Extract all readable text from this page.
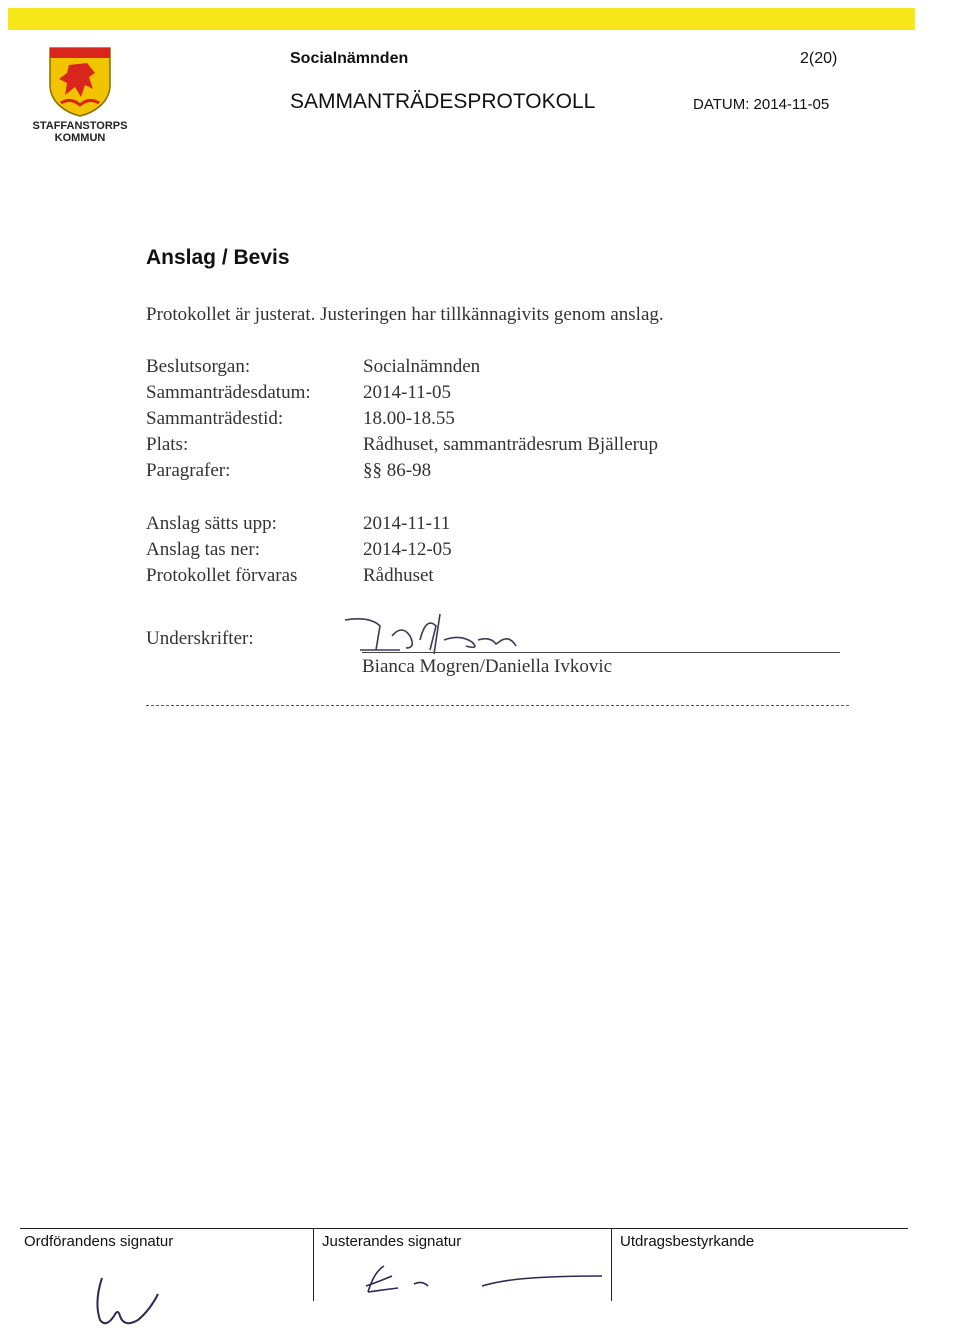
STAFFANSTORPS
KOMMUN
Socialnämnden	2(20)
SAMMANTRÄDESPROTOKOLL	DATUM: 2014-11-05
Anslag / Bevis
Protokollet är justerat. Justeringen har tillkännagivits genom anslag.
Beslutsorgan:	Socialnämnden
Sammanträdesdatum:	2014-11-05
Sammanträdestid:	18.00-18.55
Plats:	Rådhuset, sammanträdesrum Bjällerup
Paragrafer:	§§ 86-98
Anslag sätts upp:	2014-11-11
Anslag tas ner:	2014-12-05
Protokollet förvaras	Rådhuset
Underskrifter:
Bianca Mogren/Daniella Ivkovic
Ordförandens signatur	Justerandes signatur	Utdragsbestyrkande
